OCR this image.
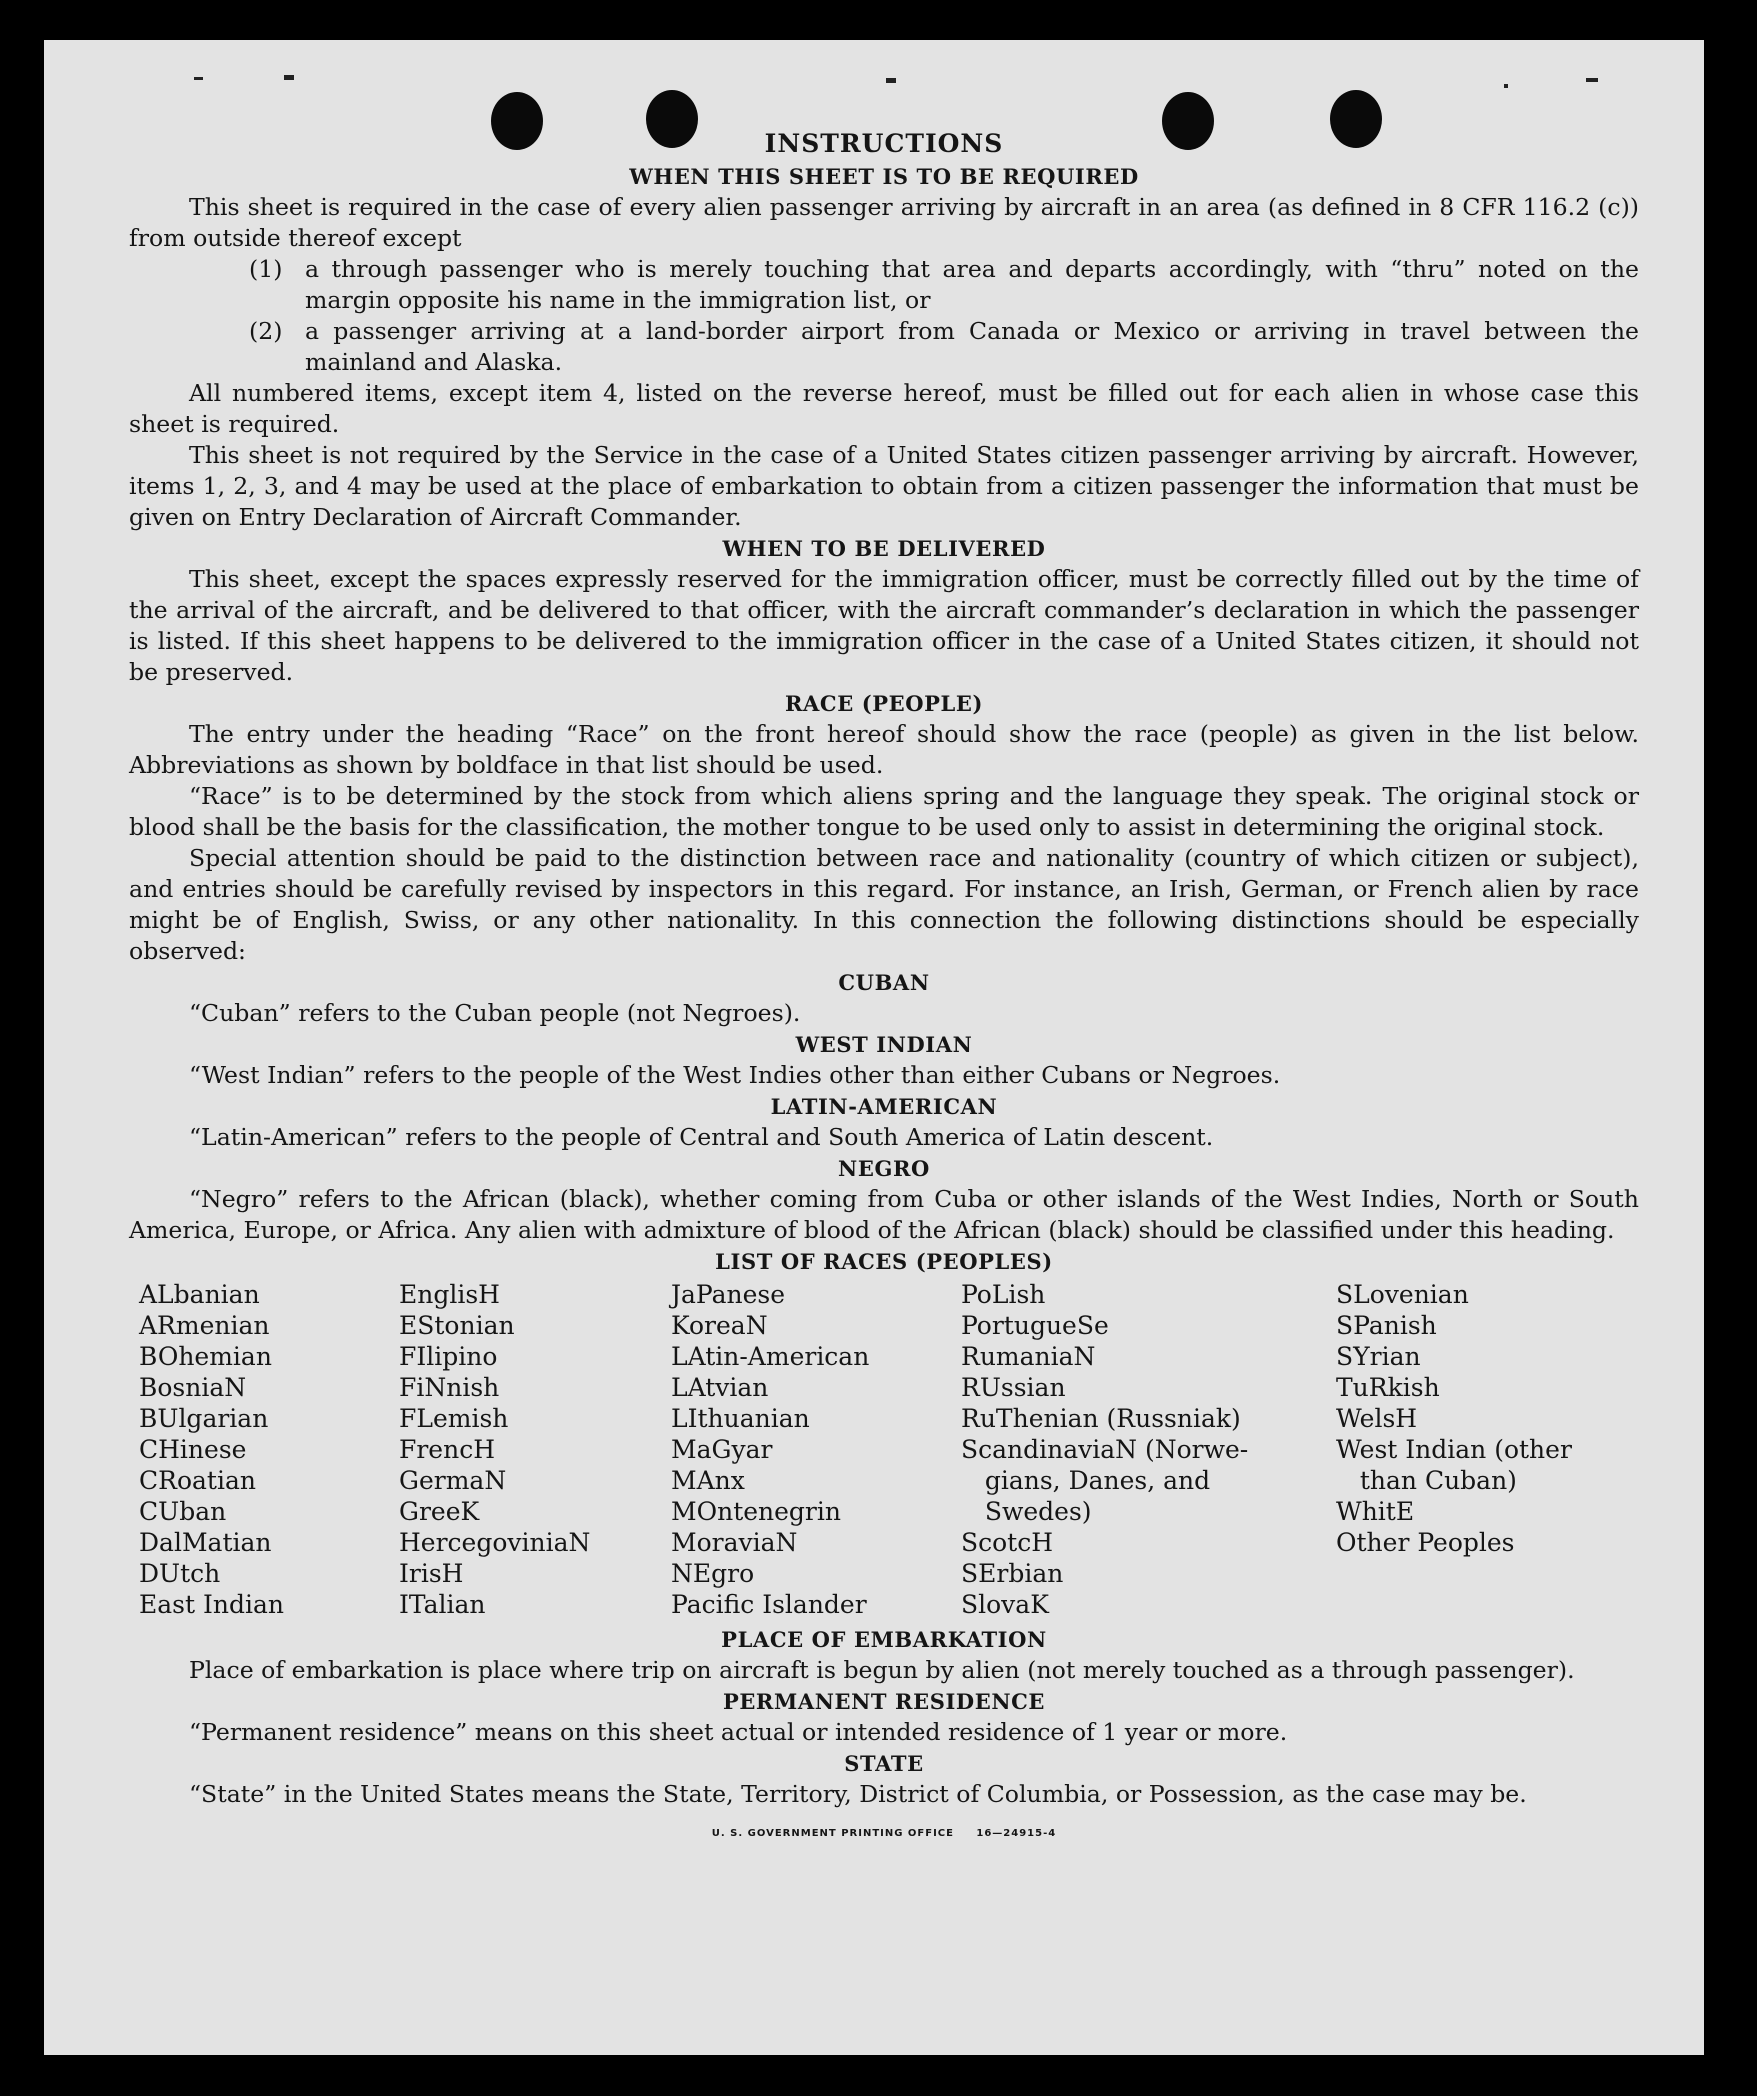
INSTRUCTIONS
WHEN THIS SHEET IS TO BE REQUIRED

This sheet is required in the case of every alien passenger arriving by aircraft in an area (as defined in 8 CFR 116.2 (c)) from outside thereof except

(1) a through passenger who is merely touching that area and departs accordingly, with “thru” noted on the margin opposite his name in the immigration list, or
(2) a passenger arriving at a land-border airport from Canada or Mexico or arriving in travel between the mainland and Alaska.

All numbered items, except item 4, listed on the reverse hereof, must be filled out for each alien in whose case this sheet is required.

This sheet is not required by the Service in the case of a United States citizen passenger arriving by aircraft. However, items 1, 2, 3, and 4 may be used at the place of embarkation to obtain from a citizen passenger the information that must be given on Entry Declaration of Aircraft Commander.

WHEN TO BE DELIVERED

This sheet, except the spaces expressly reserved for the immigration officer, must be correctly filled out by the time of the arrival of the aircraft, and be delivered to that officer, with the aircraft commander’s declaration in which the passenger is listed. If this sheet happens to be delivered to the immigration officer in the case of a United States citizen, it should not be preserved.

RACE (PEOPLE)

The entry under the heading “Race” on the front hereof should show the race (people) as given in the list below. Abbreviations as shown by boldface in that list should be used.

“Race” is to be determined by the stock from which aliens spring and the language they speak. The original stock or blood shall be the basis for the classification, the mother tongue to be used only to assist in determining the original stock.

Special attention should be paid to the distinction between race and nationality (country of which citizen or subject), and entries should be carefully revised by inspectors in this regard. For instance, an Irish, German, or French alien by race might be of English, Swiss, or any other nationality. In this connection the following distinctions should be especially observed:

CUBAN

“Cuban” refers to the Cuban people (not Negroes).

WEST INDIAN

“West Indian” refers to the people of the West Indies other than either Cubans or Negroes.

LATIN-AMERICAN

“Latin-American” refers to the people of Central and South America of Latin descent.

NEGRO

“Negro” refers to the African (black), whether coming from Cuba or other islands of the West Indies, North or South America, Europe, or Africa. Any alien with admixture of blood of the African (black) should be classified under this heading.

LIST OF RACES (PEOPLES)
ALbanian
ARmenian
BOhemian
BosniaN
BUlgarian
CHinese
CRoatian
CUban
DalMatian
DUtch
East Indian
EnglisH
EStonian
FIlipino
FiNnish
FLemish
FrencH
GermaN
GreeK
HercegoviniaN
IrisH
ITalian
JaPanese
KoreaN
LAtin-American
LAtvian
LIthuanian
MaGyar
MAnx
MOntenegrin
MoraviaN
NEgro
Pacific Islander
PoLish
PortugueSe
RumaniaN
RUssian
RuThenian (Russniak)
ScandinaviaN (Norwe-
gians, Danes, and
Swedes)
ScotcH
SErbian
SlovaK
SLovenian
SPanish
SYrian
TuRkish
WelsH
West Indian (other
than Cuban)
WhitE
Other Peoples
PLACE OF EMBARKATION

Place of embarkation is place where trip on aircraft is begun by alien (not merely touched as a through passenger).

PERMANENT RESIDENCE

“Permanent residence” means on this sheet actual or intended residence of 1 year or more.

STATE

“State” in the United States means the State, Territory, District of Columbia, or Possession, as the case may be.

U. S. GOVERNMENT PRINTING OFFICE     16—24915-4
